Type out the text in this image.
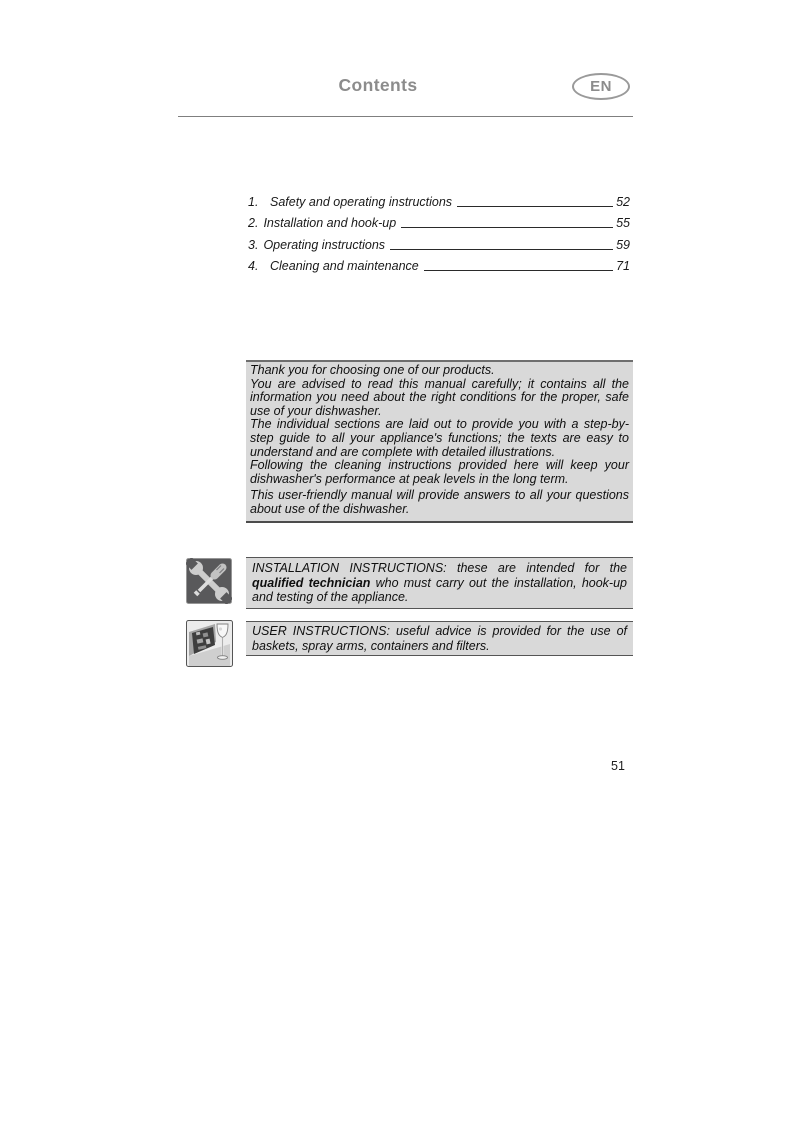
Contents	EN
1. Safety and operating instructions	52
2. Installation and hook-up	55
3. Operating instructions	59
4. Cleaning and maintenance	71

Thank you for choosing one of our products.

You are advised to read this manual carefully; it contains all the information you need about the right conditions for the proper, safe use of your dishwasher.

The individual sections are laid out to provide you with a step-by-step guide to all your appliance's functions; the texts are easy to understand and are complete with detailed illustrations.

Following the cleaning instructions provided here will keep your dishwasher's performance at peak levels in the long term.

This user-friendly manual will provide answers to all your questions about use of the dishwasher.

INSTALLATION INSTRUCTIONS: these are intended for the qualified technician who must carry out the installation, hook-up and testing of the appliance.
USER INSTRUCTIONS: useful advice is provided for the use of baskets, spray arms, containers and filters.
51
